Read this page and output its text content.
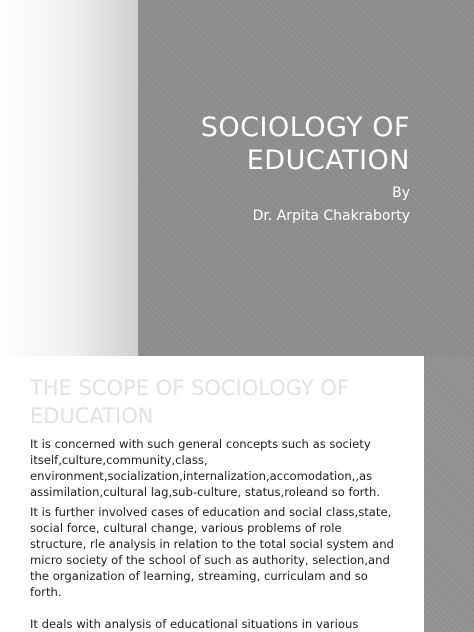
SOCIOLOGY OF
EDUCATION
By
Dr. Arpita Chakraborty
THE SCOPE OF SOCIOLOGY OF
EDUCATION
It is concerned with such general concepts such as society
itself,culture,community,class,
environment,socialization,internalization,accomodation,,as
assimilation,cultural lag,sub-culture, status,roleand so forth.
It is further involved cases of education and social class,state,
social force, cultural change, various problems of role
structure, rle analysis in relation to the total social system and
micro society of the school of such as authority, selection,and
the organization of learning, streaming, curriculam and so
forth.
It deals with analysis of educational situations in various
